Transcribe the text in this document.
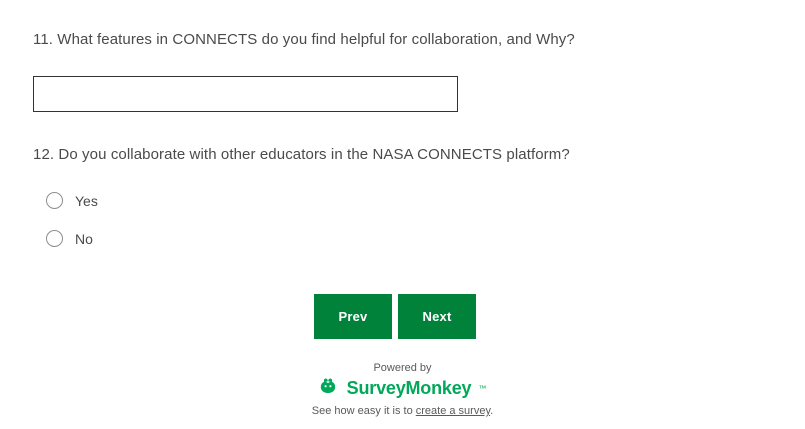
11. What features in CONNECTS do you find helpful for collaboration, and Why?
12. Do you collaborate with other educators in the NASA CONNECTS platform?
Yes
No
Prev	Next
Powered by
SurveyMonkey ™
See how easy it is to create a survey.
